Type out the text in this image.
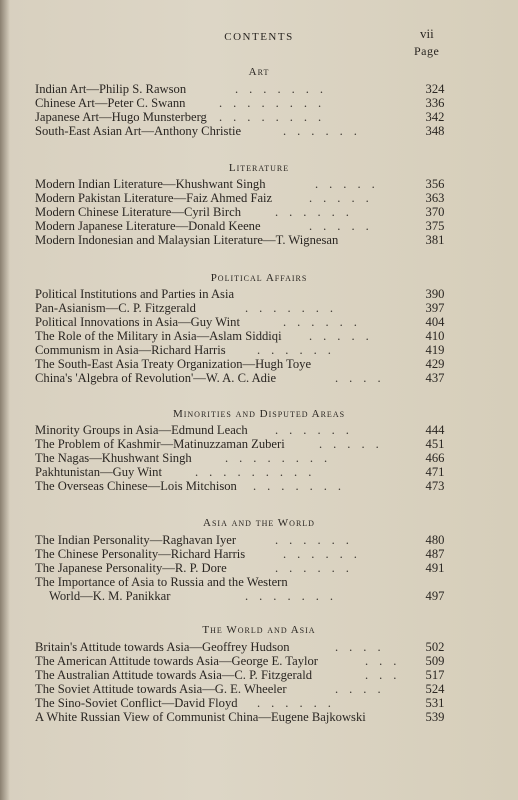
CONTENTS	vii
Page
Art
Indian Art—Philip S. Rawson	.......	324
Chinese Art—Peter C. Swann	........	336
Japanese Art—Hugo Munsterberg ........	342
South-East Asian Art—Anthony Christie	......	348
Literature
Modern Indian Literature—Khushwant Singh	.....	356
Modern Pakistan Literature—Faiz Ahmed Faiz	.....	363
Modern Chinese Literature—Cyril Birch	......	370
Modern Japanese Literature—Donald Keene	.....	375
Modern Indonesian and Malaysian Literature—T. Wignesan	381
Political Affairs
Political Institutions and Parties in Asia	390
Pan-Asianism—C. P. Fitzgerald	.......	397
Political Innovations in Asia—Guy Wint	......	404
The Role of the Military in Asia—Aslam Siddiqi .....	410
Communism in Asia—Richard Harris ......	419
The South-East Asia Treaty Organization—Hugh Toye	429
China's 'Algebra of Revolution'—W. A. C. Adie	....	437
Minorities and Disputed Areas
Minority Groups in Asia—Edmund Leach ......	444
The Problem of Kashmir—Matinuzzaman Zuberi	.....	451
The Nagas—Khushwant Singh	........	466
Pakhtunistan—Guy Wint	.........	471
The Overseas Chinese—Lois Mitchison .......	473
Asia and the World
The Indian Personality—Raghavan Iyer	......	480
The Chinese Personality—Richard Harris	......	487
The Japanese Personality—R. P. Dore	......	491
The Importance of Asia to Russia and the Western
World—K. M. Panikkar	.......	497
The World and Asia
Britain's Attitude towards Asia—Geoffrey Hudson	....	502
The American Attitude towards Asia—George E. Taylor	...	509
The Australian Attitude towards Asia—C. P. Fitzgerald	...	517
The Soviet Attitude towards Asia—G. E. Wheeler	....	524
The Sino-Soviet Conflict—David Floyd ......	531
A White Russian View of Communist China—Eugene Bajkowski	539
